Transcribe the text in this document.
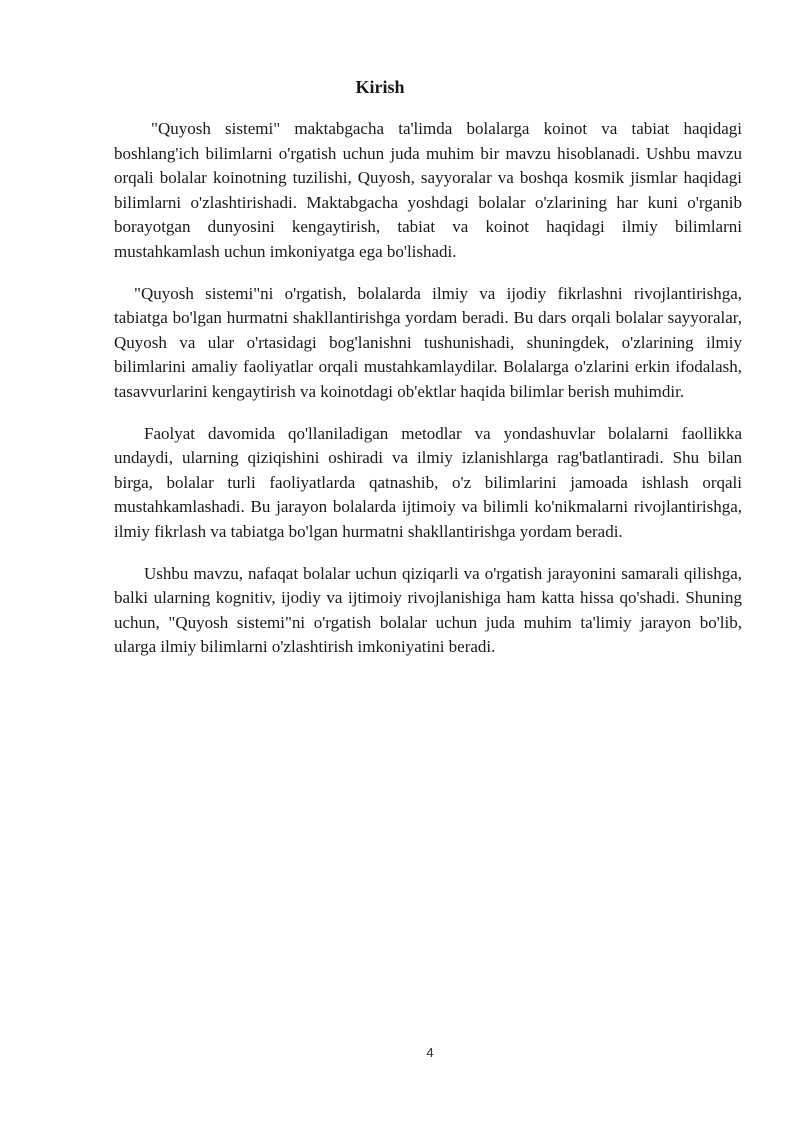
Kirish

"Quyosh sistemi" maktabgacha ta'limda bolalarga koinot va tabiat haqidagi boshlang'ich bilimlarni o'rgatish uchun juda muhim bir mavzu hisoblanadi. Ushbu mavzu orqali bolalar koinotning tuzilishi, Quyosh, sayyoralar va boshqa kosmik jismlar haqidagi bilimlarni o'zlashtirishadi. Maktabgacha yoshdagi bolalar o'zlarining har kuni o'rganib borayotgan dunyosini kengaytirish, tabiat va koinot haqidagi ilmiy bilimlarni mustahkamlash uchun imkoniyatga ega bo'lishadi.

"Quyosh sistemi"ni o'rgatish, bolalarda ilmiy va ijodiy fikrlashni rivojlantirishga, tabiatga bo'lgan hurmatni shakllantirishga yordam beradi. Bu dars orqali bolalar sayyoralar, Quyosh va ular o'rtasidagi bog'lanishni tushunishadi, shuningdek, o'zlarining ilmiy bilimlarini amaliy faoliyatlar orqali mustahkamlaydilar. Bolalarga o'zlarini erkin ifodalash, tasavvurlarini kengaytirish va koinotdagi ob'ektlar haqida bilimlar berish muhimdir.

Faolyat davomida qo'llaniladigan metodlar va yondashuvlar bolalarni faollikka undaydi, ularning qiziqishini oshiradi va ilmiy izlanishlarga rag'batlantiradi. Shu bilan birga, bolalar turli faoliyatlarda qatnashib, o'z bilimlarini jamoada ishlash orqali mustahkamlashadi. Bu jarayon bolalarda ijtimoiy va bilimli ko'nikmalarni rivojlantirishga, ilmiy fikrlash va tabiatga bo'lgan hurmatni shakllantirishga yordam beradi.

Ushbu mavzu, nafaqat bolalar uchun qiziqarli va o'rgatish jarayonini samarali qilishga, balki ularning kognitiv, ijodiy va ijtimoiy rivojlanishiga ham katta hissa qo'shadi. Shuning uchun, "Quyosh sistemi"ni o'rgatish bolalar uchun juda muhim ta'limiy jarayon bo'lib, ularga ilmiy bilimlarni o'zlashtirish imkoniyatini beradi.

4
